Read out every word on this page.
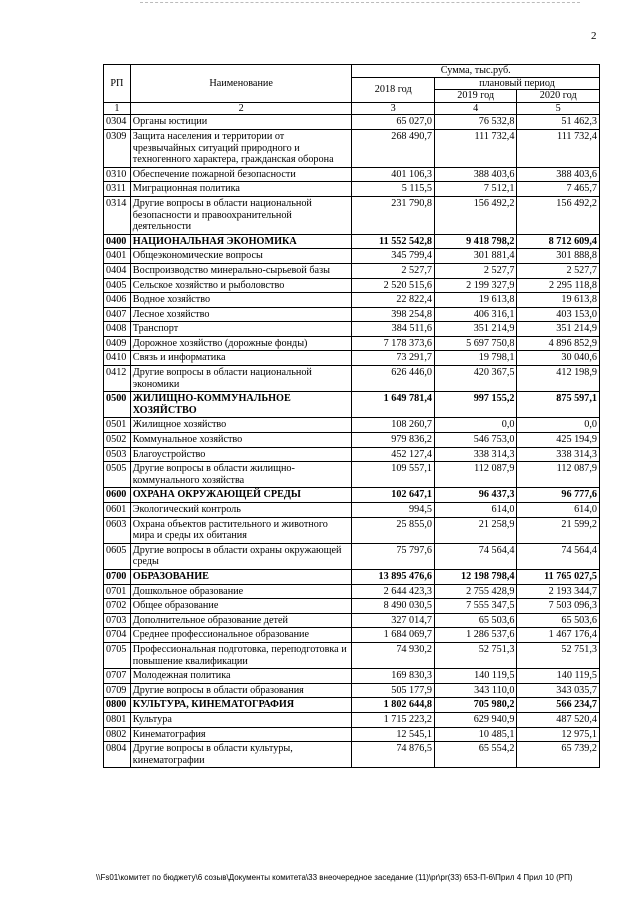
2
РП	Наименование	Сумма, тыс.руб.		
		2018 год	плановый период	
			2019 год	2020 год
1	2	3	4	5
0304	Органы юстиции	65 027,0	76 532,8	51 462,3
0309	Защита населения и территории от чрезвычайных ситуаций природного и техногенного характера, гражданская оборона	268 490,7	111 732,4	111 732,4
0310	Обеспечение пожарной безопасности	401 106,3	388 403,6	388 403,6
0311	Миграционная политика	5 115,5	7 512,1	7 465,7
0314	Другие вопросы в области национальной безопасности и правоохранительной деятельности	231 790,8	156 492,2	156 492,2
0400	НАЦИОНАЛЬНАЯ ЭКОНОМИКА	11 552 542,8	9 418 798,2	8 712 609,4
0401	Общеэкономические вопросы	345 799,4	301 881,4	301 888,8
0404	Воспроизводство минерально-сырьевой базы	2 527,7	2 527,7	2 527,7
0405	Сельское хозяйство и рыболовство	2 520 515,6	2 199 327,9	2 295 118,8
0406	Водное хозяйство	22 822,4	19 613,8	19 613,8
0407	Лесное хозяйство	398 254,8	406 316,1	403 153,0
0408	Транспорт	384 511,6	351 214,9	351 214,9
0409	Дорожное хозяйство (дорожные фонды)	7 178 373,6	5 697 750,8	4 896 852,9
0410	Связь и информатика	73 291,7	19 798,1	30 040,6
0412	Другие вопросы в области национальной экономики	626 446,0	420 367,5	412 198,9
0500	ЖИЛИЩНО-КОММУНАЛЬНОЕ ХОЗЯЙСТВО	1 649 781,4	997 155,2	875 597,1
0501	Жилищное хозяйство	108 260,7	0,0	0,0
0502	Коммунальное хозяйство	979 836,2	546 753,0	425 194,9
0503	Благоустройство	452 127,4	338 314,3	338 314,3
0505	Другие вопросы в области жилищно-коммунального хозяйства	109 557,1	112 087,9	112 087,9
0600	ОХРАНА ОКРУЖАЮЩЕЙ СРЕДЫ	102 647,1	96 437,3	96 777,6
0601	Экологический контроль	994,5	614,0	614,0
0603	Охрана объектов растительного и животного мира и среды их обитания	25 855,0	21 258,9	21 599,2
0605	Другие вопросы в области охраны окружающей среды	75 797,6	74 564,4	74 564,4
0700	ОБРАЗОВАНИЕ	13 895 476,6	12 198 798,4	11 765 027,5
0701	Дошкольное образование	2 644 423,3	2 755 428,9	2 193 344,7
0702	Общее образование	8 490 030,5	7 555 347,5	7 503 096,3
0703	Дополнительное образование детей	327 014,7	65 503,6	65 503,6
0704	Среднее профессиональное образование	1 684 069,7	1 286 537,6	1 467 176,4
0705	Профессиональная подготовка, переподготовка и повышение квалификации	74 930,2	52 751,3	52 751,3
0707	Молодежная политика	169 830,3	140 119,5	140 119,5
0709	Другие вопросы в области образования	505 177,9	343 110,0	343 035,7
0800	КУЛЬТУРА, КИНЕМАТОГРАФИЯ	1 802 644,8	705 980,2	566 234,7
0801	Культура	1 715 223,2	629 940,9	487 520,4
0802	Кинематография	12 545,1	10 485,1	12 975,1
0804	Другие вопросы в области культуры, кинематографии	74 876,5	65 554,2	65 739,2
\\Fs01\комитет по бюджету\6 созыв\Документы комитета\33 внеочередное заседание (11)\pr\pr(33) 653-П-6\Прил 4 Прил 10 (РП)
